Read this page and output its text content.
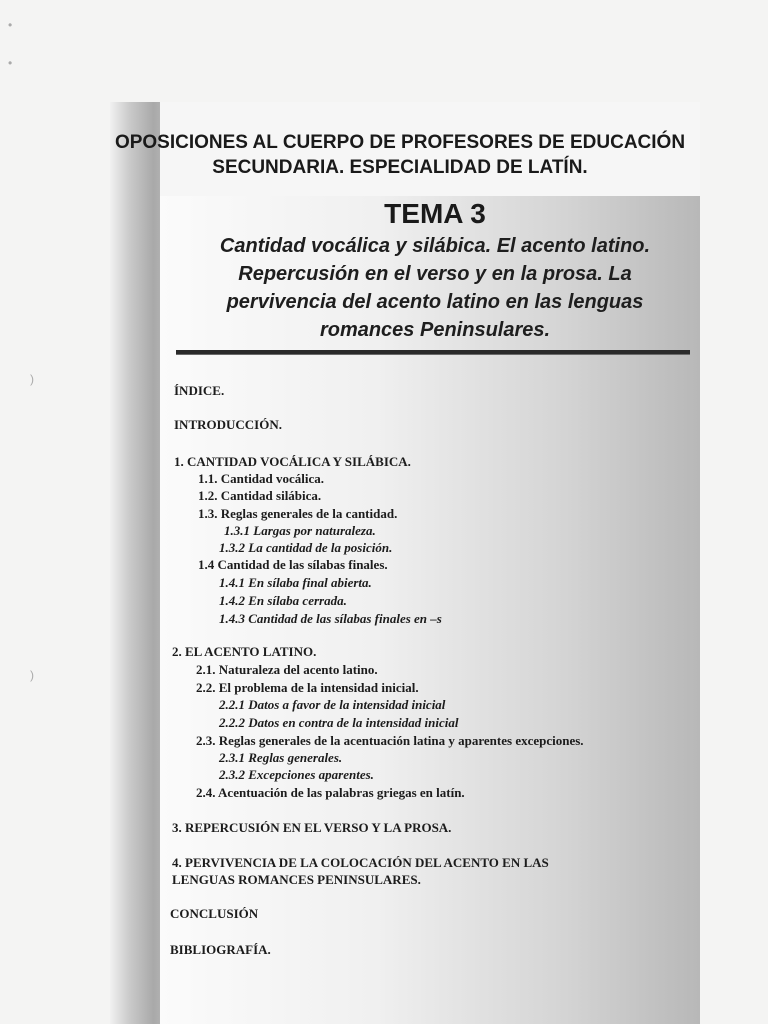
•
•
)
)
OPOSICIONES AL CUERPO DE PROFESORES DE EDUCACIÓN
SECUNDARIA. ESPECIALIDAD DE LATÍN.
TEMA 3
Cantidad vocálica y silábica. El acento latino.
Repercusión en el verso y en la prosa. La
pervivencia del acento latino en las lenguas
romances Peninsulares.
ÍNDICE.
INTRODUCCIÓN.
1. CANTIDAD VOCÁLICA Y SILÁBICA.
1.1. Cantidad vocálica.
1.2. Cantidad silábica.
1.3. Reglas generales de la cantidad.
1.3.1 Largas por naturaleza.
1.3.2 La cantidad de la posición.
1.4 Cantidad de las sílabas finales.
1.4.1 En sílaba final abierta.
1.4.2 En sílaba cerrada.
1.4.3 Cantidad de las sílabas finales en –s
2. EL ACENTO LATINO.
2.1. Naturaleza del acento latino.
2.2. El problema de la intensidad inicial.
2.2.1 Datos a favor de la intensidad inicial
2.2.2 Datos en contra de la intensidad inicial
2.3. Reglas generales de la acentuación latina y aparentes excepciones.
2.3.1 Reglas generales.
2.3.2 Excepciones aparentes.
2.4. Acentuación de las palabras griegas en latín.
3. REPERCUSIÓN EN EL VERSO Y LA PROSA.
4. PERVIVENCIA DE LA COLOCACIÓN DEL ACENTO EN LAS
LENGUAS ROMANCES PENINSULARES.
CONCLUSIÓN
BIBLIOGRAFÍA.
